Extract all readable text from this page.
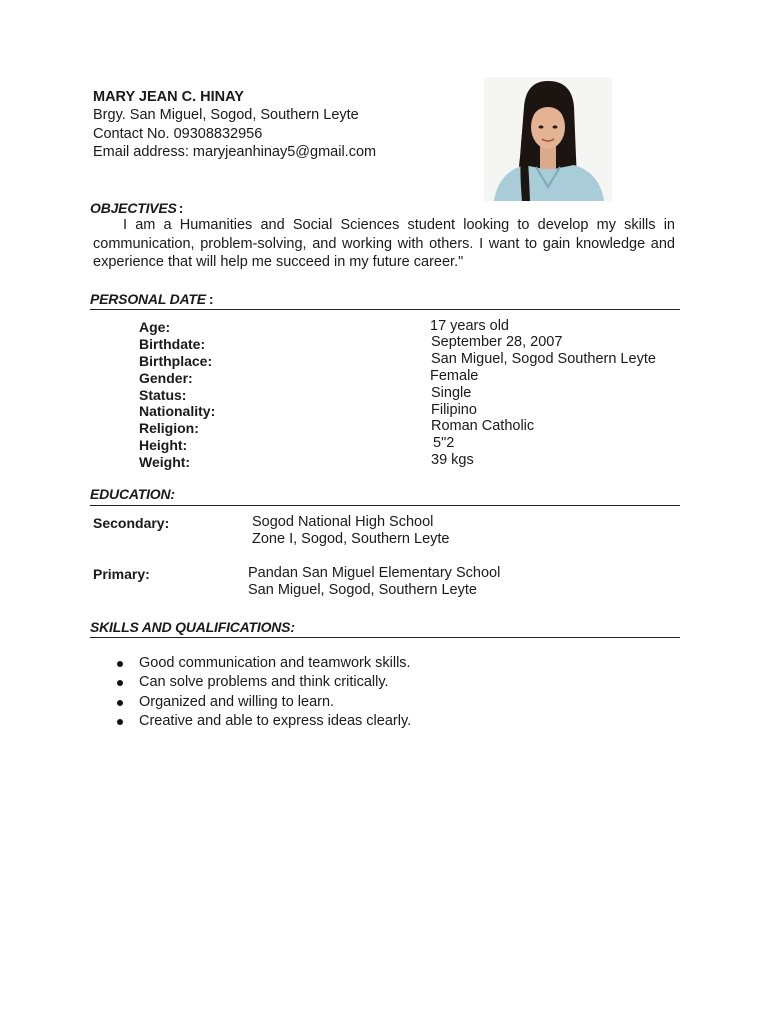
MARY JEAN C. HINAY
Brgy. San Miguel, Sogod, Southern Leyte
Contact No. 09308832956
Email address: maryjeanhinay5@gmail.com
OBJECTIVES :
I am a Humanities and Social Sciences student looking to develop my skills in communication, problem-solving, and working with others. I want to gain knowledge and experience that will help me succeed in my future career."
PERSONAL DATE :
Age:	17 years old
Birthdate:	September 28, 2007
Birthplace:	San Miguel, Sogod Southern Leyte
Gender:	Female
Status:	Single
Nationality:	Filipino
Religion:	Roman Catholic
Height:	5"2
Weight:	39 kgs
EDUCATION:
Secondary:	Sogod National High School
Zone I, Sogod, Southern Leyte
Primary:	Pandan San Miguel Elementary School
San Miguel, Sogod, Southern Leyte
SKILLS AND QUALIFICATIONS:
Good communication and teamwork skills.
Can solve problems and think critically.
Organized and willing to learn.
Creative and able to express ideas clearly.
